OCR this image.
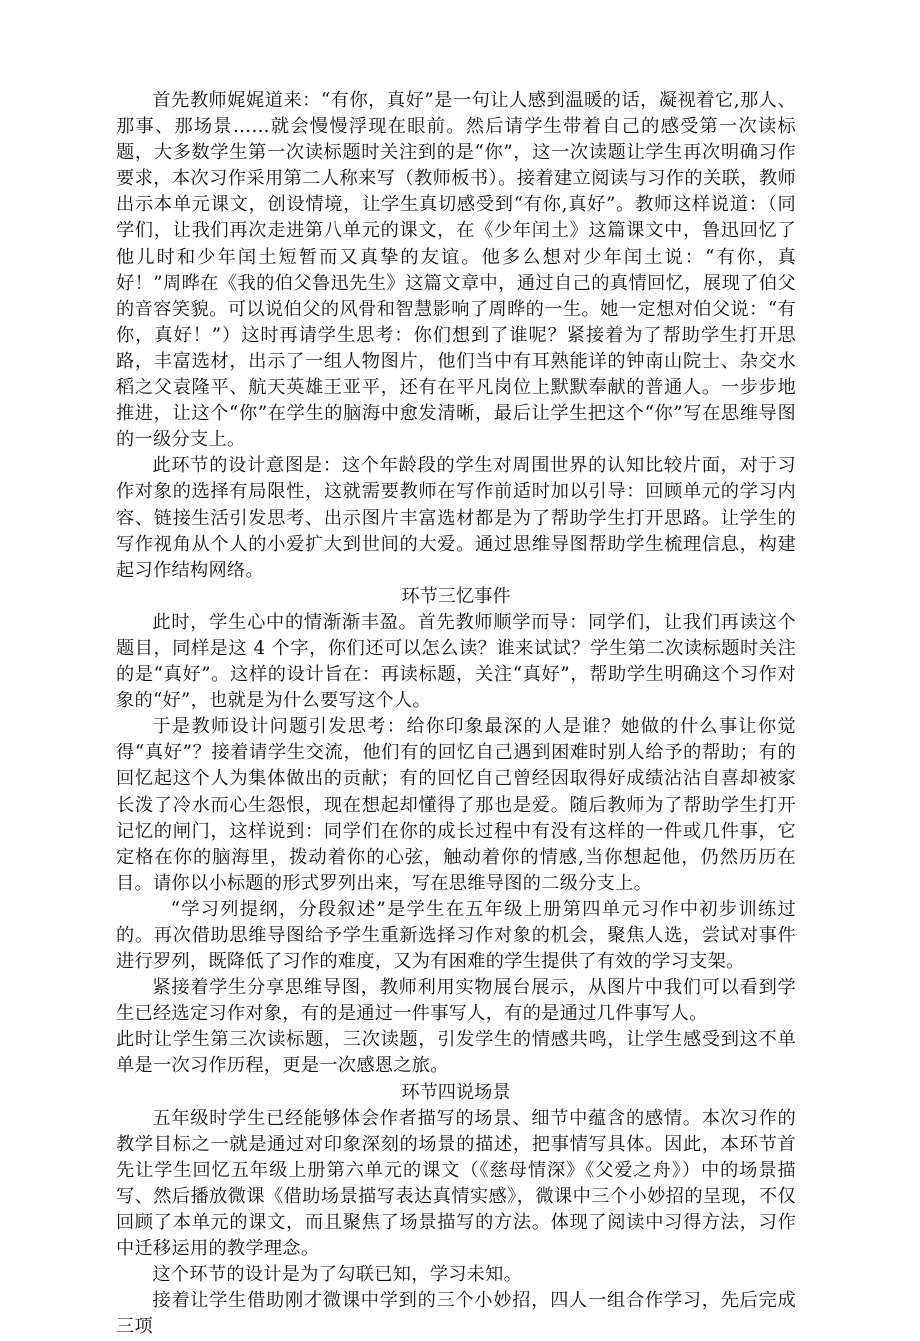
首先教师娓娓道来：“有你，真好”是一句让人感到温暖的话，凝视着它,那人、那事、那场景……就会慢慢浮现在眼前。然后请学生带着自己的感受第一次读标题，大多数学生第一次读标题时关注到的是“你”，这一次读题让学生再次明确习作要求，本次习作采用第二人称来写（教师板书）。接着建立阅读与习作的关联，教师出示本单元课文，创设情境，让学生真切感受到“有你,真好”。教师这样说道：（同学们，让我们再次走进第八单元的课文，在《少年闰土》这篇课文中，鲁迅回忆了他儿时和少年闰土短暂而又真挚的友谊。他多么想对少年闰土说：“有你，真好！”周晔在《我的伯父鲁迅先生》这篇文章中，通过自己的真情回忆，展现了伯父的音容笑貌。可以说伯父的风骨和智慧影响了周晔的一生。她一定想对伯父说：“有你，真好！”）这时再请学生思考：你们想到了谁呢？紧接着为了帮助学生打开思路，丰富选材，出示了一组人物图片，他们当中有耳熟能详的钟南山院士、杂交水稻之父袁隆平、航天英雄王亚平，还有在平凡岗位上默默奉献的普通人。一步步地推进，让这个“你”在学生的脑海中愈发清晰，最后让学生把这个“你”写在思维导图的一级分支上。

此环节的设计意图是：这个年龄段的学生对周围世界的认知比较片面，对于习作对象的选择有局限性，这就需要教师在写作前适时加以引导：回顾单元的学习内容、链接生活引发思考、出示图片丰富选材都是为了帮助学生打开思路。让学生的写作视角从个人的小爱扩大到世间的大爱。通过思维导图帮助学生梳理信息，构建起习作结构网络。

环节三忆事件

此时，学生心中的情渐渐丰盈。首先教师顺学而导：同学们，让我们再读这个题目，同样是这 4 个字，你们还可以怎么读？谁来试试？学生第二次读标题时关注的是“真好”。这样的设计旨在：再读标题，关注“真好”，帮助学生明确这个习作对象的“好”，也就是为什么要写这个人。

于是教师设计问题引发思考：给你印象最深的人是谁？她做的什么事让你觉得“真好”？接着请学生交流，他们有的回忆自己遇到困难时别人给予的帮助；有的回忆起这个人为集体做出的贡献；有的回忆自己曾经因取得好成绩沾沾自喜却被家长泼了冷水而心生怨恨，现在想起却懂得了那也是爱。随后教师为了帮助学生打开记忆的闸门，这样说到：同学们在你的成长过程中有没有这样的一件或几件事，它定格在你的脑海里，拨动着你的心弦，触动着你的情感,当你想起他，仍然历历在目。请你以小标题的形式罗列出来，写在思维导图的二级分支上。

“学习列提纲，分段叙述”是学生在五年级上册第四单元习作中初步训练过的。再次借助思维导图给予学生重新选择习作对象的机会，聚焦人选，尝试对事件进行罗列，既降低了习作的难度，又为有困难的学生提供了有效的学习支架。

紧接着学生分享思维导图，教师利用实物展台展示，从图片中我们可以看到学生已经选定习作对象，有的是通过一件事写人，有的是通过几件事写人。

此时让学生第三次读标题，三次读题，引发学生的情感共鸣，让学生感受到这不单单是一次习作历程，更是一次感恩之旅。

环节四说场景

五年级时学生已经能够体会作者描写的场景、细节中蕴含的感情。本次习作的教学目标之一就是通过对印象深刻的场景的描述，把事情写具体。因此，本环节首先让学生回忆五年级上册第六单元的课文（《慈母情深》《父爱之舟》）中的场景描写、然后播放微课《借助场景描写表达真情实感》，微课中三个小妙招的呈现，不仅回顾了本单元的课文，而且聚焦了场景描写的方法。体现了阅读中习得方法，习作中迁移运用的教学理念。

这个环节的设计是为了勾联已知，学习未知。

接着让学生借助刚才微课中学到的三个小妙招，四人一组合作学习，先后完成三项
